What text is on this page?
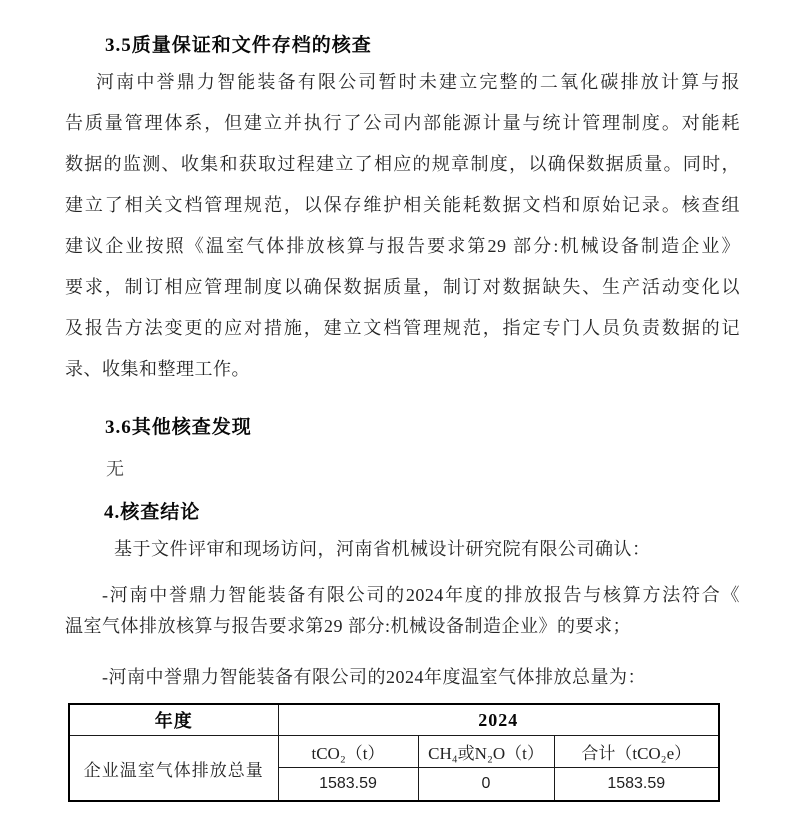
3.5质量保证和文件存档的核查
河南中誉鼎力智能装备有限公司暂时未建立完整的二氧化碳排放计算与报
告质量管理体系，但建立并执行了公司内部能源计量与统计管理制度。对能耗
数据的监测、收集和获取过程建立了相应的规章制度，以确保数据质量。同时，
建立了相关文档管理规范，以保存维护相关能耗数据文档和原始记录。核查组
建议企业按照《温室气体排放核算与报告要求第29 部分:机械设备制造企业》
要求，制订相应管理制度以确保数据质量，制订对数据缺失、生产活动变化以
及报告方法变更的应对措施，建立文档管理规范，指定专门人员负责数据的记
录、收集和整理工作。
3.6其他核查发现
无
4.核查结论
基于文件评审和现场访问，河南省机械设计研究院有限公司确认：
-河南中誉鼎力智能装备有限公司的2024年度的排放报告与核算方法符合《
温室气体排放核算与报告要求第29 部分:机械设备制造企业》的要求；
-河南中誉鼎力智能装备有限公司的2024年度温室气体排放总量为：
年度	2024		
企业温室气体排放总量	tCO₂（t）	CH₄或N₂O（t）	合计（tCO₂e）
	1583.59	0	1583.59
